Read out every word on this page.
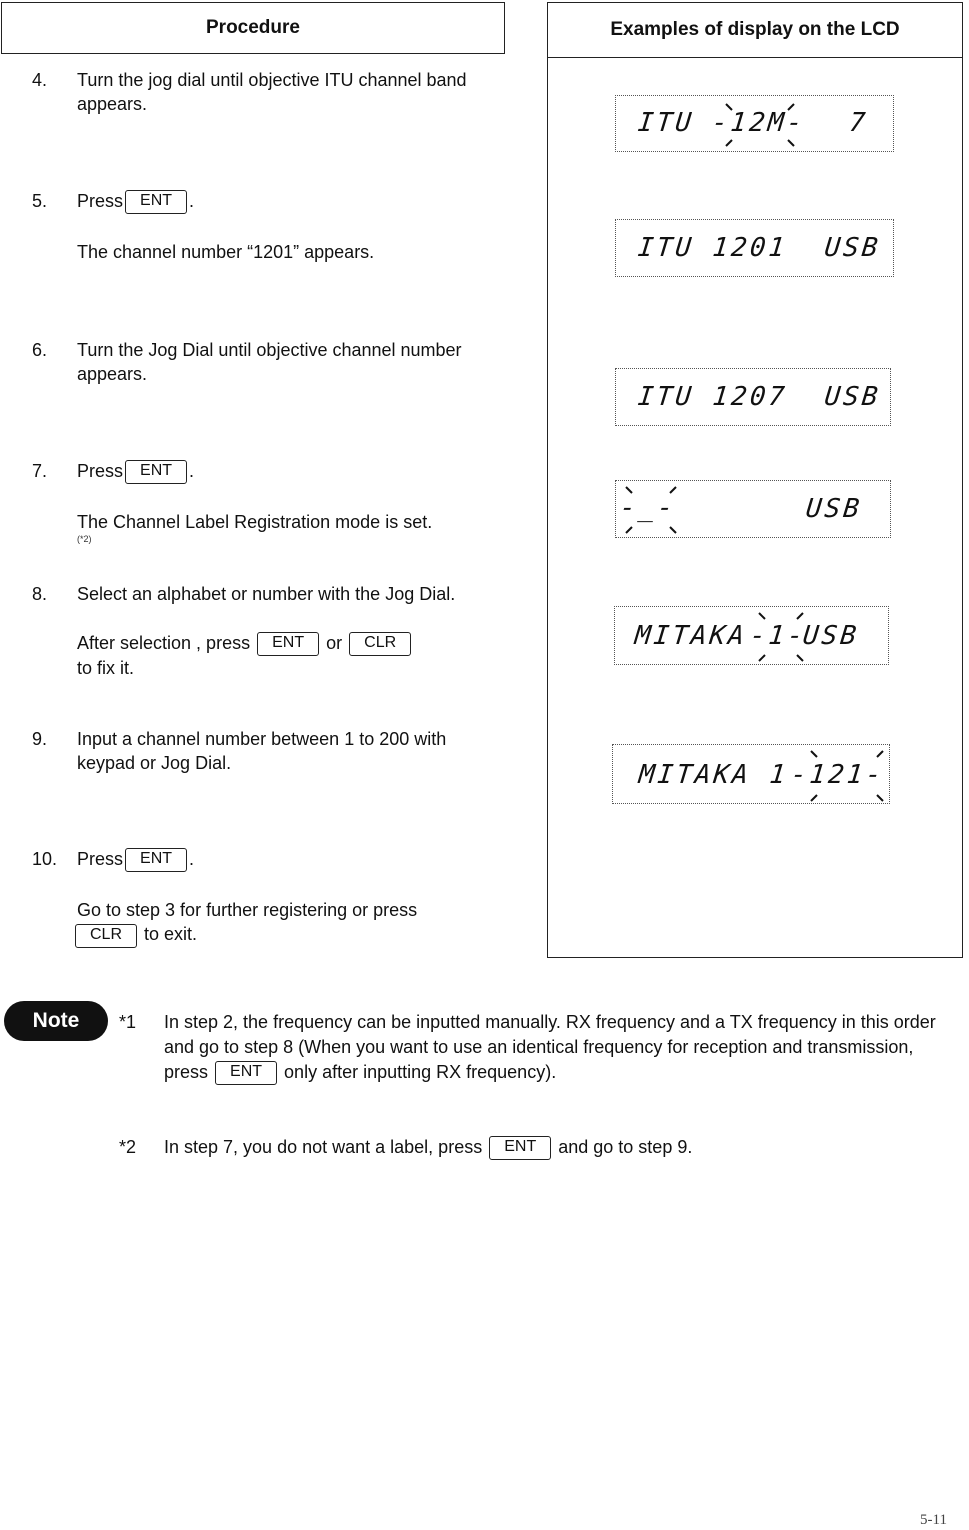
Procedure	Examples of display on the LCD
4. Turn the jog dial until objective ITU channel band appears.
5. Press ENT .
The channel number “1201” appears.
6. Turn the Jog Dial until objective channel number appears.
7. Press ENT .
The Channel Label Registration mode is set.
(*2)
8. Select an alphabet or number with the Jog Dial.
After selection , press ENT or CLR
to fix it.
9. Input a channel number between 1 to 200 with keypad or Jog Dial.
10. Press ENT .
Go to step 3 for further registering or press
CLR to exit.
ITU
-12M- 7
ITU 1201  USB
ITU 1207  USB
-_-	USB
MITAKA -1-
USB
MITAKA 1
-121-
Note *1 In step 2, the frequency can be inputted manually. RX frequency and a TX frequency in this order and go to step 8 (When you want to use an identical frequency for reception and transmission, press ENT only after inputting RX frequency).
*2 In step 7, you do not want a label, press ENT and go to step 9.
5-11
